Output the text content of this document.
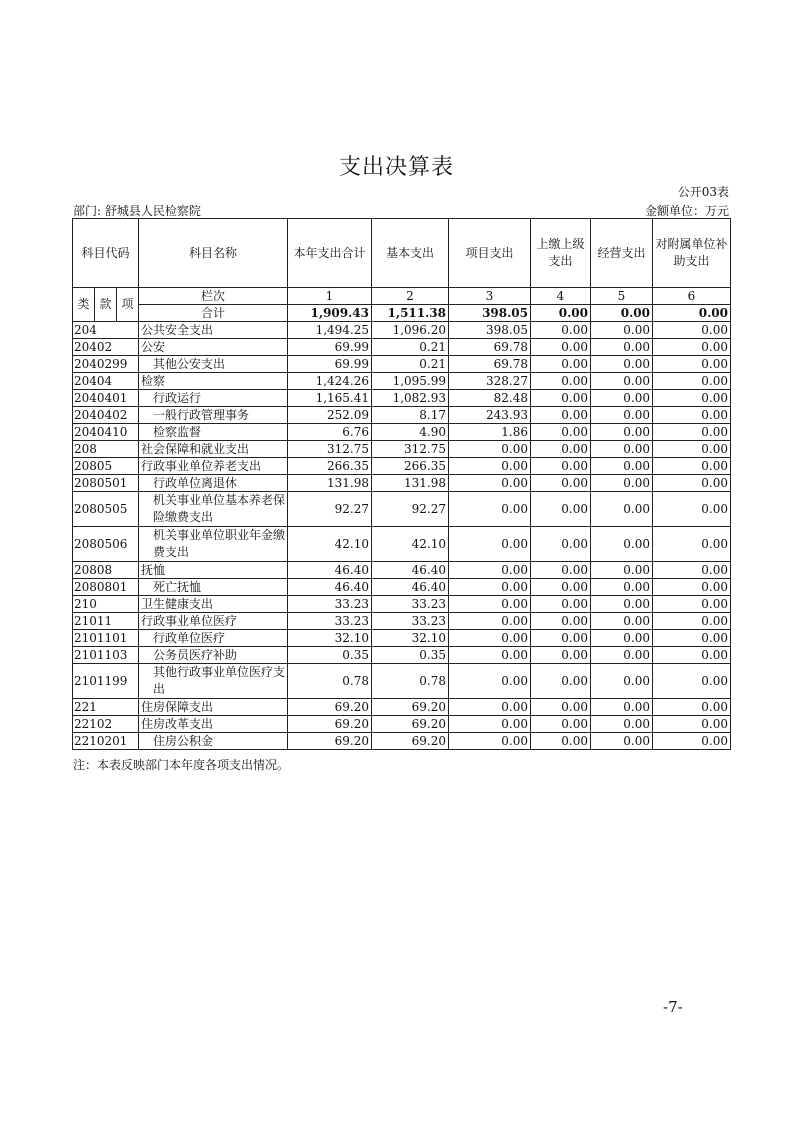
支出决算表
公开03表
部门: 舒城县人民检察院	金额单位：万元
科目代码			科目名称	本年支出合计	基本支出	项目支出	上缴上级支出	经营支出	对附属单位补助支出
类	款	项	栏次	1	2	3	4	5	6
			合计	1,909.43	1,511.38	398.05	0.00	0.00	0.00
204			公共安全支出	1,494.25	1,096.20	398.05	0.00	0.00	0.00
20402			公安	69.99	0.21	69.78	0.00	0.00	0.00
2040299			其他公安支出	69.99	0.21	69.78	0.00	0.00	0.00
20404			检察	1,424.26	1,095.99	328.27	0.00	0.00	0.00
2040401			行政运行	1,165.41	1,082.93	82.48	0.00	0.00	0.00
2040402			一般行政管理事务	252.09	8.17	243.93	0.00	0.00	0.00
2040410			检察监督	6.76	4.90	1.86	0.00	0.00	0.00
208			社会保障和就业支出	312.75	312.75	0.00	0.00	0.00	0.00
20805			行政事业单位养老支出	266.35	266.35	0.00	0.00	0.00	0.00
2080501			行政单位离退休	131.98	131.98	0.00	0.00	0.00	0.00
2080505			机关事业单位基本养老保险缴费支出	92.27	92.27	0.00	0.00	0.00	0.00
2080506			机关事业单位职业年金缴费支出	42.10	42.10	0.00	0.00	0.00	0.00
20808			抚恤	46.40	46.40	0.00	0.00	0.00	0.00
2080801			死亡抚恤	46.40	46.40	0.00	0.00	0.00	0.00
210			卫生健康支出	33.23	33.23	0.00	0.00	0.00	0.00
21011			行政事业单位医疗	33.23	33.23	0.00	0.00	0.00	0.00
2101101			行政单位医疗	32.10	32.10	0.00	0.00	0.00	0.00
2101103			公务员医疗补助	0.35	0.35	0.00	0.00	0.00	0.00
2101199			其他行政事业单位医疗支出	0.78	0.78	0.00	0.00	0.00	0.00
221			住房保障支出	69.20	69.20	0.00	0.00	0.00	0.00
22102			住房改革支出	69.20	69.20	0.00	0.00	0.00	0.00
2210201			住房公积金	69.20	69.20	0.00	0.00	0.00	0.00
注：本表反映部门本年度各项支出情况。
-7-
